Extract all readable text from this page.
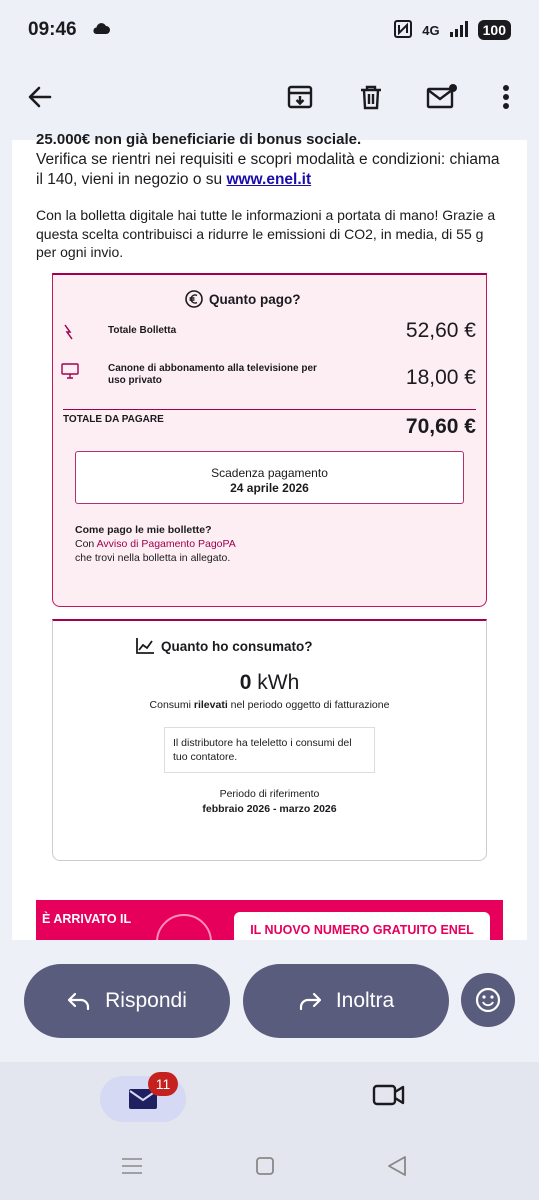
09:46	4G	100
25.000€ non già beneficiarie di bonus sociale.
Verifica se rientri nei requisiti e scopri modalità e condizioni: chiama il 140, vieni in negozio o su www.enel.it
Con la bolletta digitale hai tutte le informazioni a portata di mano! Grazie a questa scelta contribuisci a ridurre le emissioni di CO2, in media, di 55 g per ogni invio.
Quanto pago?
Totale Bolletta	52,60 €
Canone di abbonamento alla televisione per uso privato	18,00 €
TOTALE DA PAGARE	70,60 €
Scadenza pagamento
24 aprile 2026
Come pago le mie bollette?
Con Avviso di Pagamento PagoPA
che trovi nella bolletta in allegato.
Quanto ho consumato?
0 kWh
Consumi rilevati nel periodo oggetto di fatturazione
Il distributore ha teleletto i consumi del tuo contatore.
Periodo di riferimento
febbraio 2026 - marzo 2026
È ARRIVATO IL
IL NUOVO NUMERO GRATUITO ENEL
Rispondi	Inoltra
11
